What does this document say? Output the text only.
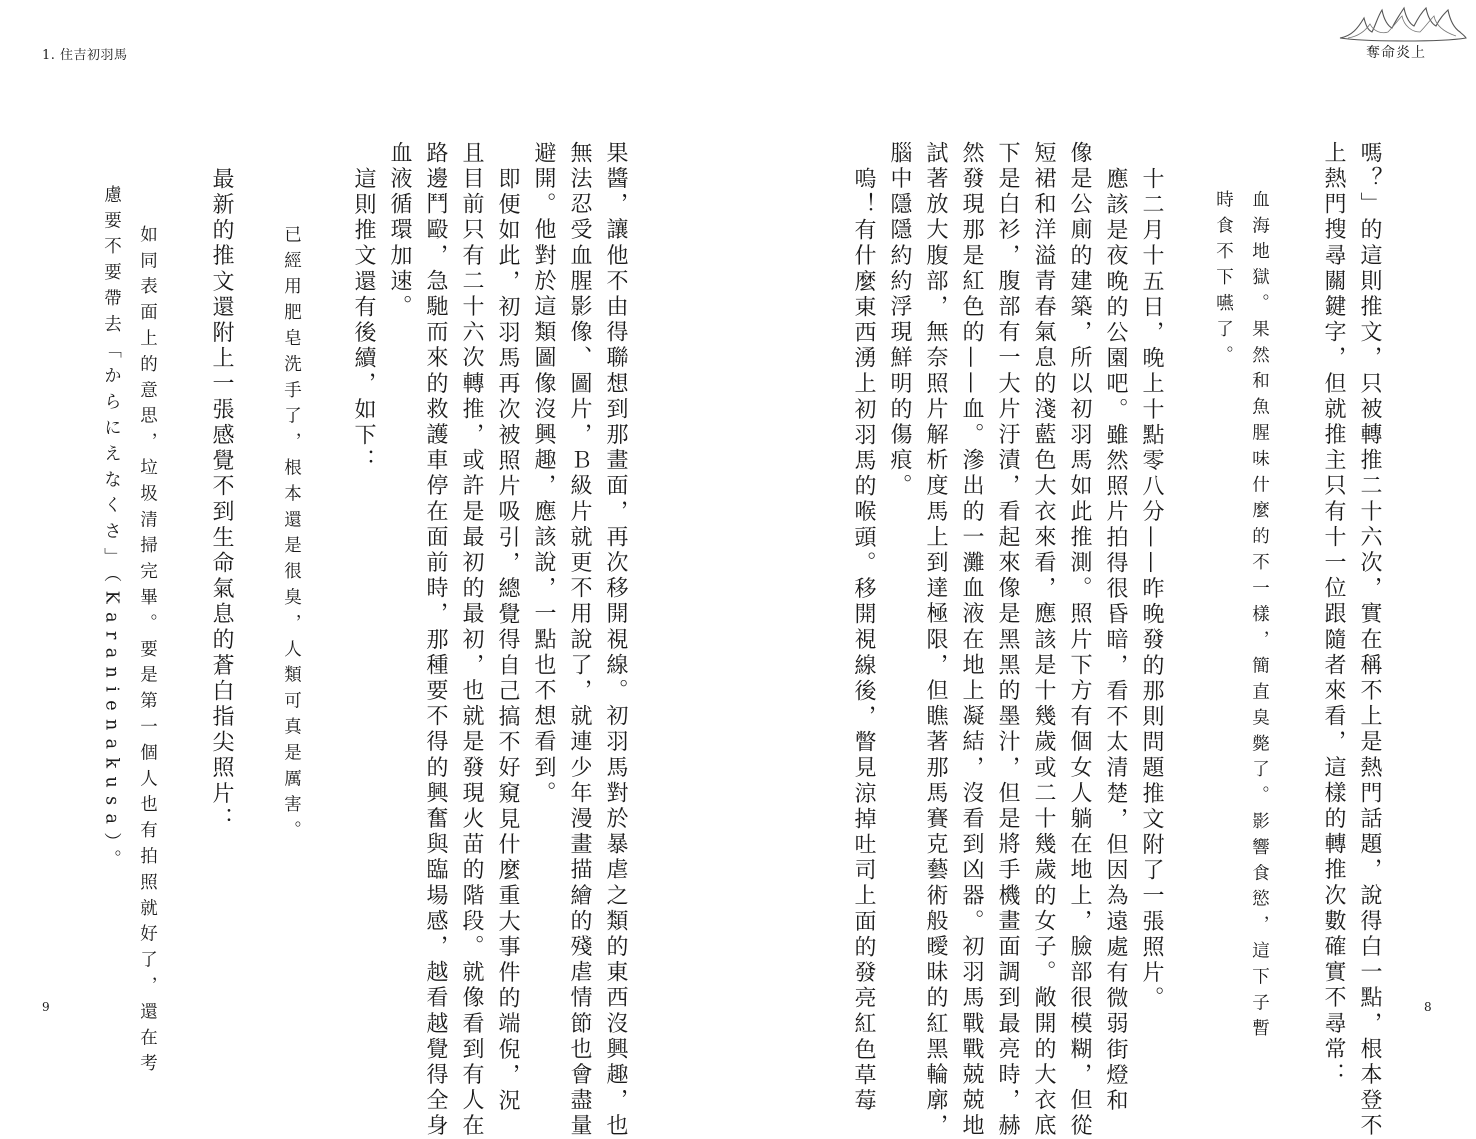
1. 住吉初羽馬
果醬，讓他不由得聯想到那畫面，再次移開視線。初羽馬對於暴虐之類的東西沒興趣，也
無法忍受血腥影像、圖片，Ｂ級片就更不用說了，就連少年漫畫描繪的殘虐情節也會盡量
避開。他對於這類圖像沒興趣，應該說，一點也不想看到。
即便如此，初羽馬再次被照片吸引，總覺得自己搞不好窺見什麼重大事件的端倪，況
且目前只有二十六次轉推，或許是最初的最初，也就是發現火苗的階段。就像看到有人在
路邊鬥毆，急馳而來的救護車停在面前時，那種要不得的興奮與臨場感，越看越覺得全身
血液循環加速。
這則推文還有後續，如下：
已經用肥皂洗手了，根本還是很臭，人類可真是厲害。
最新的推文還附上一張感覺不到生命氣息的蒼白指尖照片：
如同表面上的意思，垃圾清掃完畢。要是第一個人也有拍照就好了，還在考
慮要不要帶去「からにえなくさ」（Karanienakusa）。
9
奪命炎上
嗎？」的這則推文，只被轉推二十六次，實在稱不上是熱門話題，說得白一點，根本登不
上熱門搜尋關鍵字，但就推主只有十一位跟隨者來看，這樣的轉推次數確實不尋常：
血海地獄。果然和魚腥味什麼的不一樣，簡直臭斃了。影響食慾，這下子暫
時食不下嚥了。
十二月十五日，晚上十點零八分——昨晚發的那則問題推文附了一張照片。
應該是夜晚的公園吧。雖然照片拍得很昏暗，看不太清楚，但因為遠處有微弱街燈和
像是公廁的建築，所以初羽馬如此推測。照片下方有個女人躺在地上，臉部很模糊，但從
短裙和洋溢青春氣息的淺藍色大衣來看，應該是十幾歲或二十幾歲的女子。敞開的大衣底
下是白衫，腹部有一大片汙漬，看起來像是黑黑的墨汁，但是將手機畫面調到最亮時，赫
然發現那是紅色的——血。滲出的一灘血液在地上凝結，沒看到凶器。初羽馬戰戰兢兢地
試著放大腹部，無奈照片解析度馬上到達極限，但瞧著那馬賽克藝術般曖昧的紅黑輪廓，
腦中隱隱約約浮現鮮明的傷痕。
嗚！有什麼東西湧上初羽馬的喉頭。移開視線後，瞥見涼掉吐司上面的發亮紅色草莓	8
